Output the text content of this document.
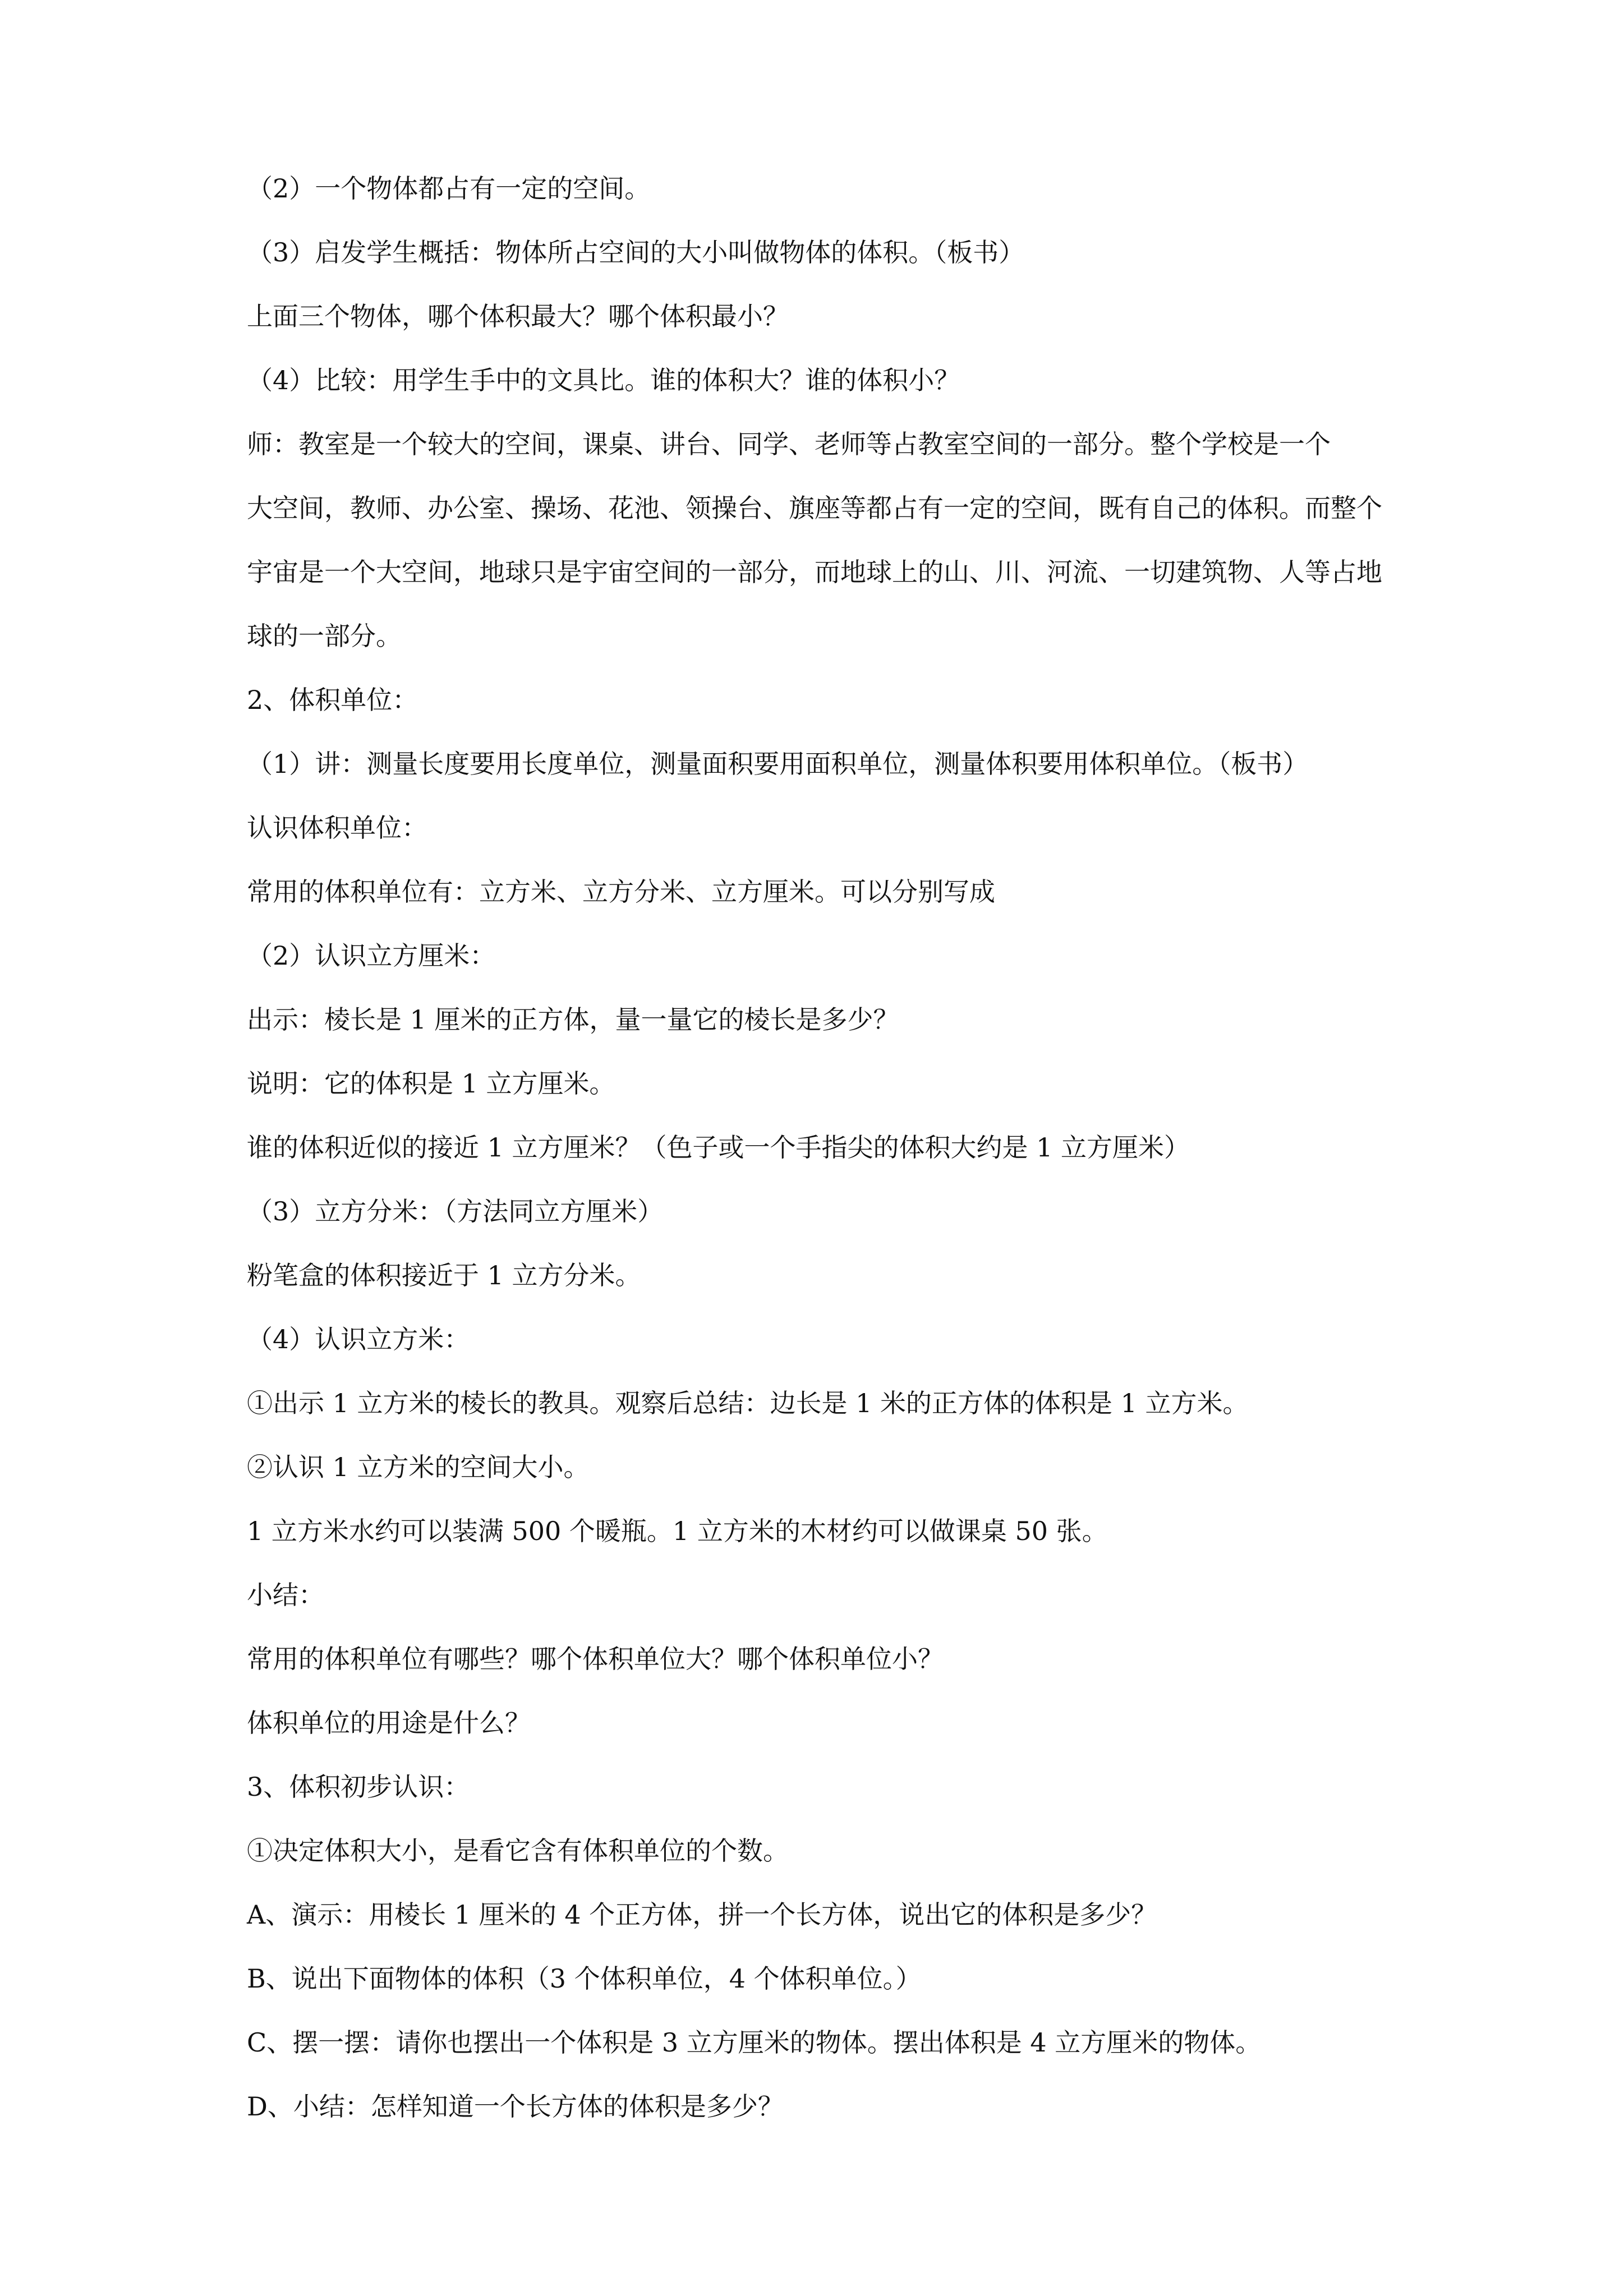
（2）一个物体都占有一定的空间。
（3）启发学生概括：物体所占空间的大小叫做物体的体积。（板书）
上面三个物体，哪个体积最大？哪个体积最小？
（4）比较：用学生手中的文具比。谁的体积大？谁的体积小？
师：教室是一个较大的空间，课桌、讲台、同学、老师等占教室空间的一部分。整个学校是一个
大空间，教师、办公室、操场、花池、领操台、旗座等都占有一定的空间，既有自己的体积。而整个
宇宙是一个大空间，地球只是宇宙空间的一部分，而地球上的山、川、河流、一切建筑物、人等占地
球的一部分。
2、体积单位：
（1）讲：测量长度要用长度单位，测量面积要用面积单位，测量体积要用体积单位。（板书）
认识体积单位：
常用的体积单位有：立方米、立方分米、立方厘米。可以分别写成
（2）认识立方厘米：
出示：棱长是 1 厘米的正方体，量一量它的棱长是多少？
说明：它的体积是 1 立方厘米。
谁的体积近似的接近 1 立方厘米？（色子或一个手指尖的体积大约是 1 立方厘米）
（3）立方分米：（方法同立方厘米）
粉笔盒的体积接近于 1 立方分米。
（4）认识立方米：
①出示 1 立方米的棱长的教具。观察后总结：边长是 1 米的正方体的体积是 1 立方米。
②认识 1 立方米的空间大小。
1 立方米水约可以装满 500 个暖瓶。1 立方米的木材约可以做课桌 50 张。
小结：
常用的体积单位有哪些？哪个体积单位大？哪个体积单位小？
体积单位的用途是什么？
3、体积初步认识：
①决定体积大小，是看它含有体积单位的个数。
A、演示：用棱长 1 厘米的 4 个正方体，拼一个长方体，说出它的体积是多少？
B、说出下面物体的体积（3 个体积单位，4 个体积单位。）
C、摆一摆：请你也摆出一个体积是 3 立方厘米的物体。摆出体积是 4 立方厘米的物体。
D、小结：怎样知道一个长方体的体积是多少？
